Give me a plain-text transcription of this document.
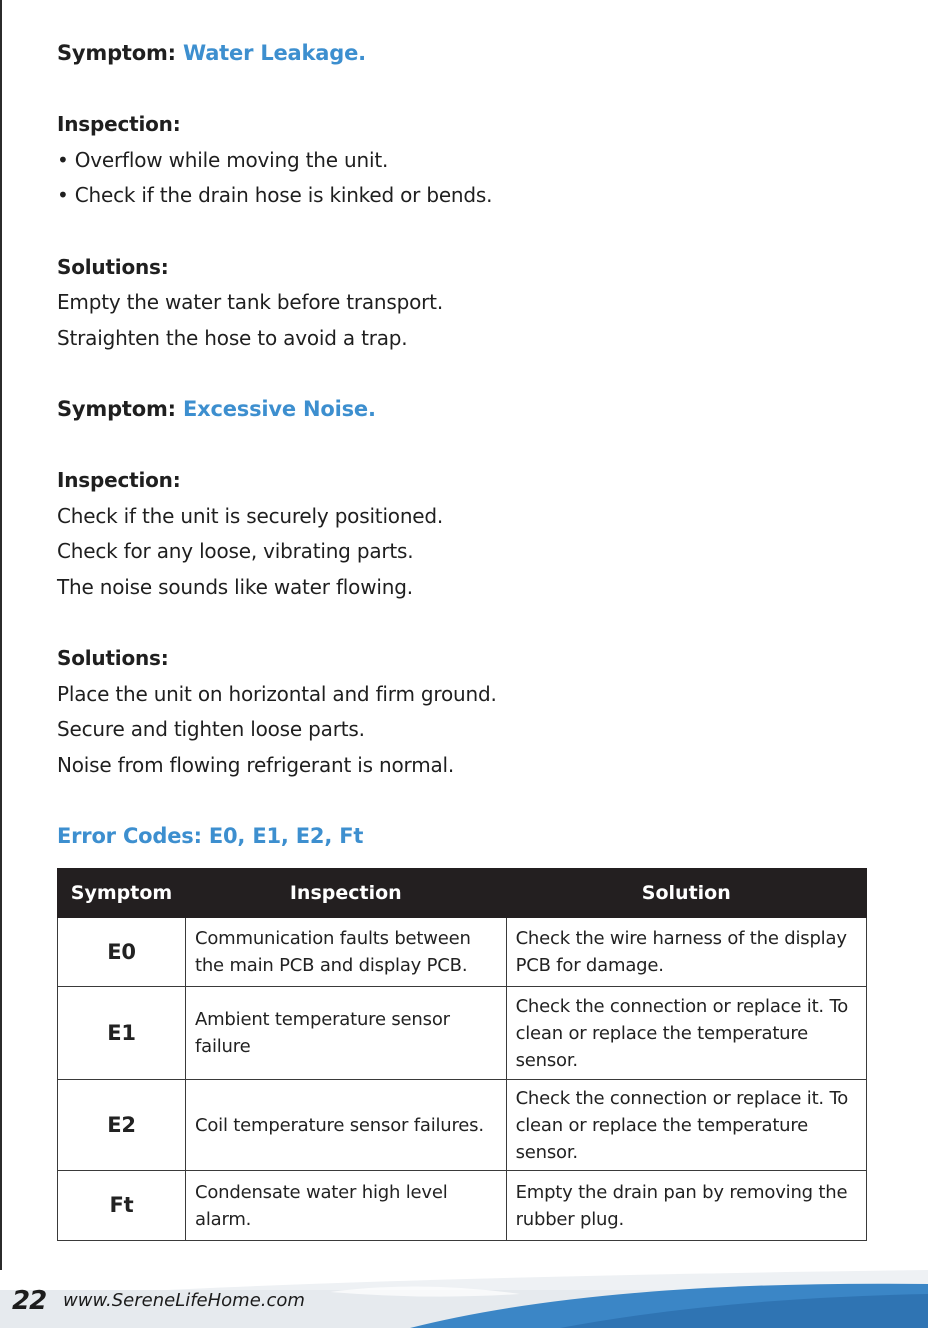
Symptom: Water Leakage.
Inspection:
• Overflow while moving the unit.
• Check if the drain hose is kinked or bends.
Solutions:
Empty the water tank before transport.
Straighten the hose to avoid a trap.
Symptom: Excessive Noise.
Inspection:
Check if the unit is securely positioned.
Check for any loose, vibrating parts.
The noise sounds like water flowing.
Solutions:
Place the unit on horizontal and firm ground.
Secure and tighten loose parts.
Noise from flowing refrigerant is normal.
Error Codes: E0, E1, E2, Ft
Symptom	Inspection	Solution
E0	Communication faults between the main PCB and display PCB.	Check the wire harness of the display PCB for damage.
E1	Ambient temperature sensor failure	Check the connection or replace it. To clean or replace the temperature sensor.
E2	Coil temperature sensor failures.	Check the connection or replace it. To clean or replace the temperature sensor.
Ft	Condensate water high level alarm.	Empty the drain pan by removing the rubber plug.
22 www.SereneLifeHome.com
